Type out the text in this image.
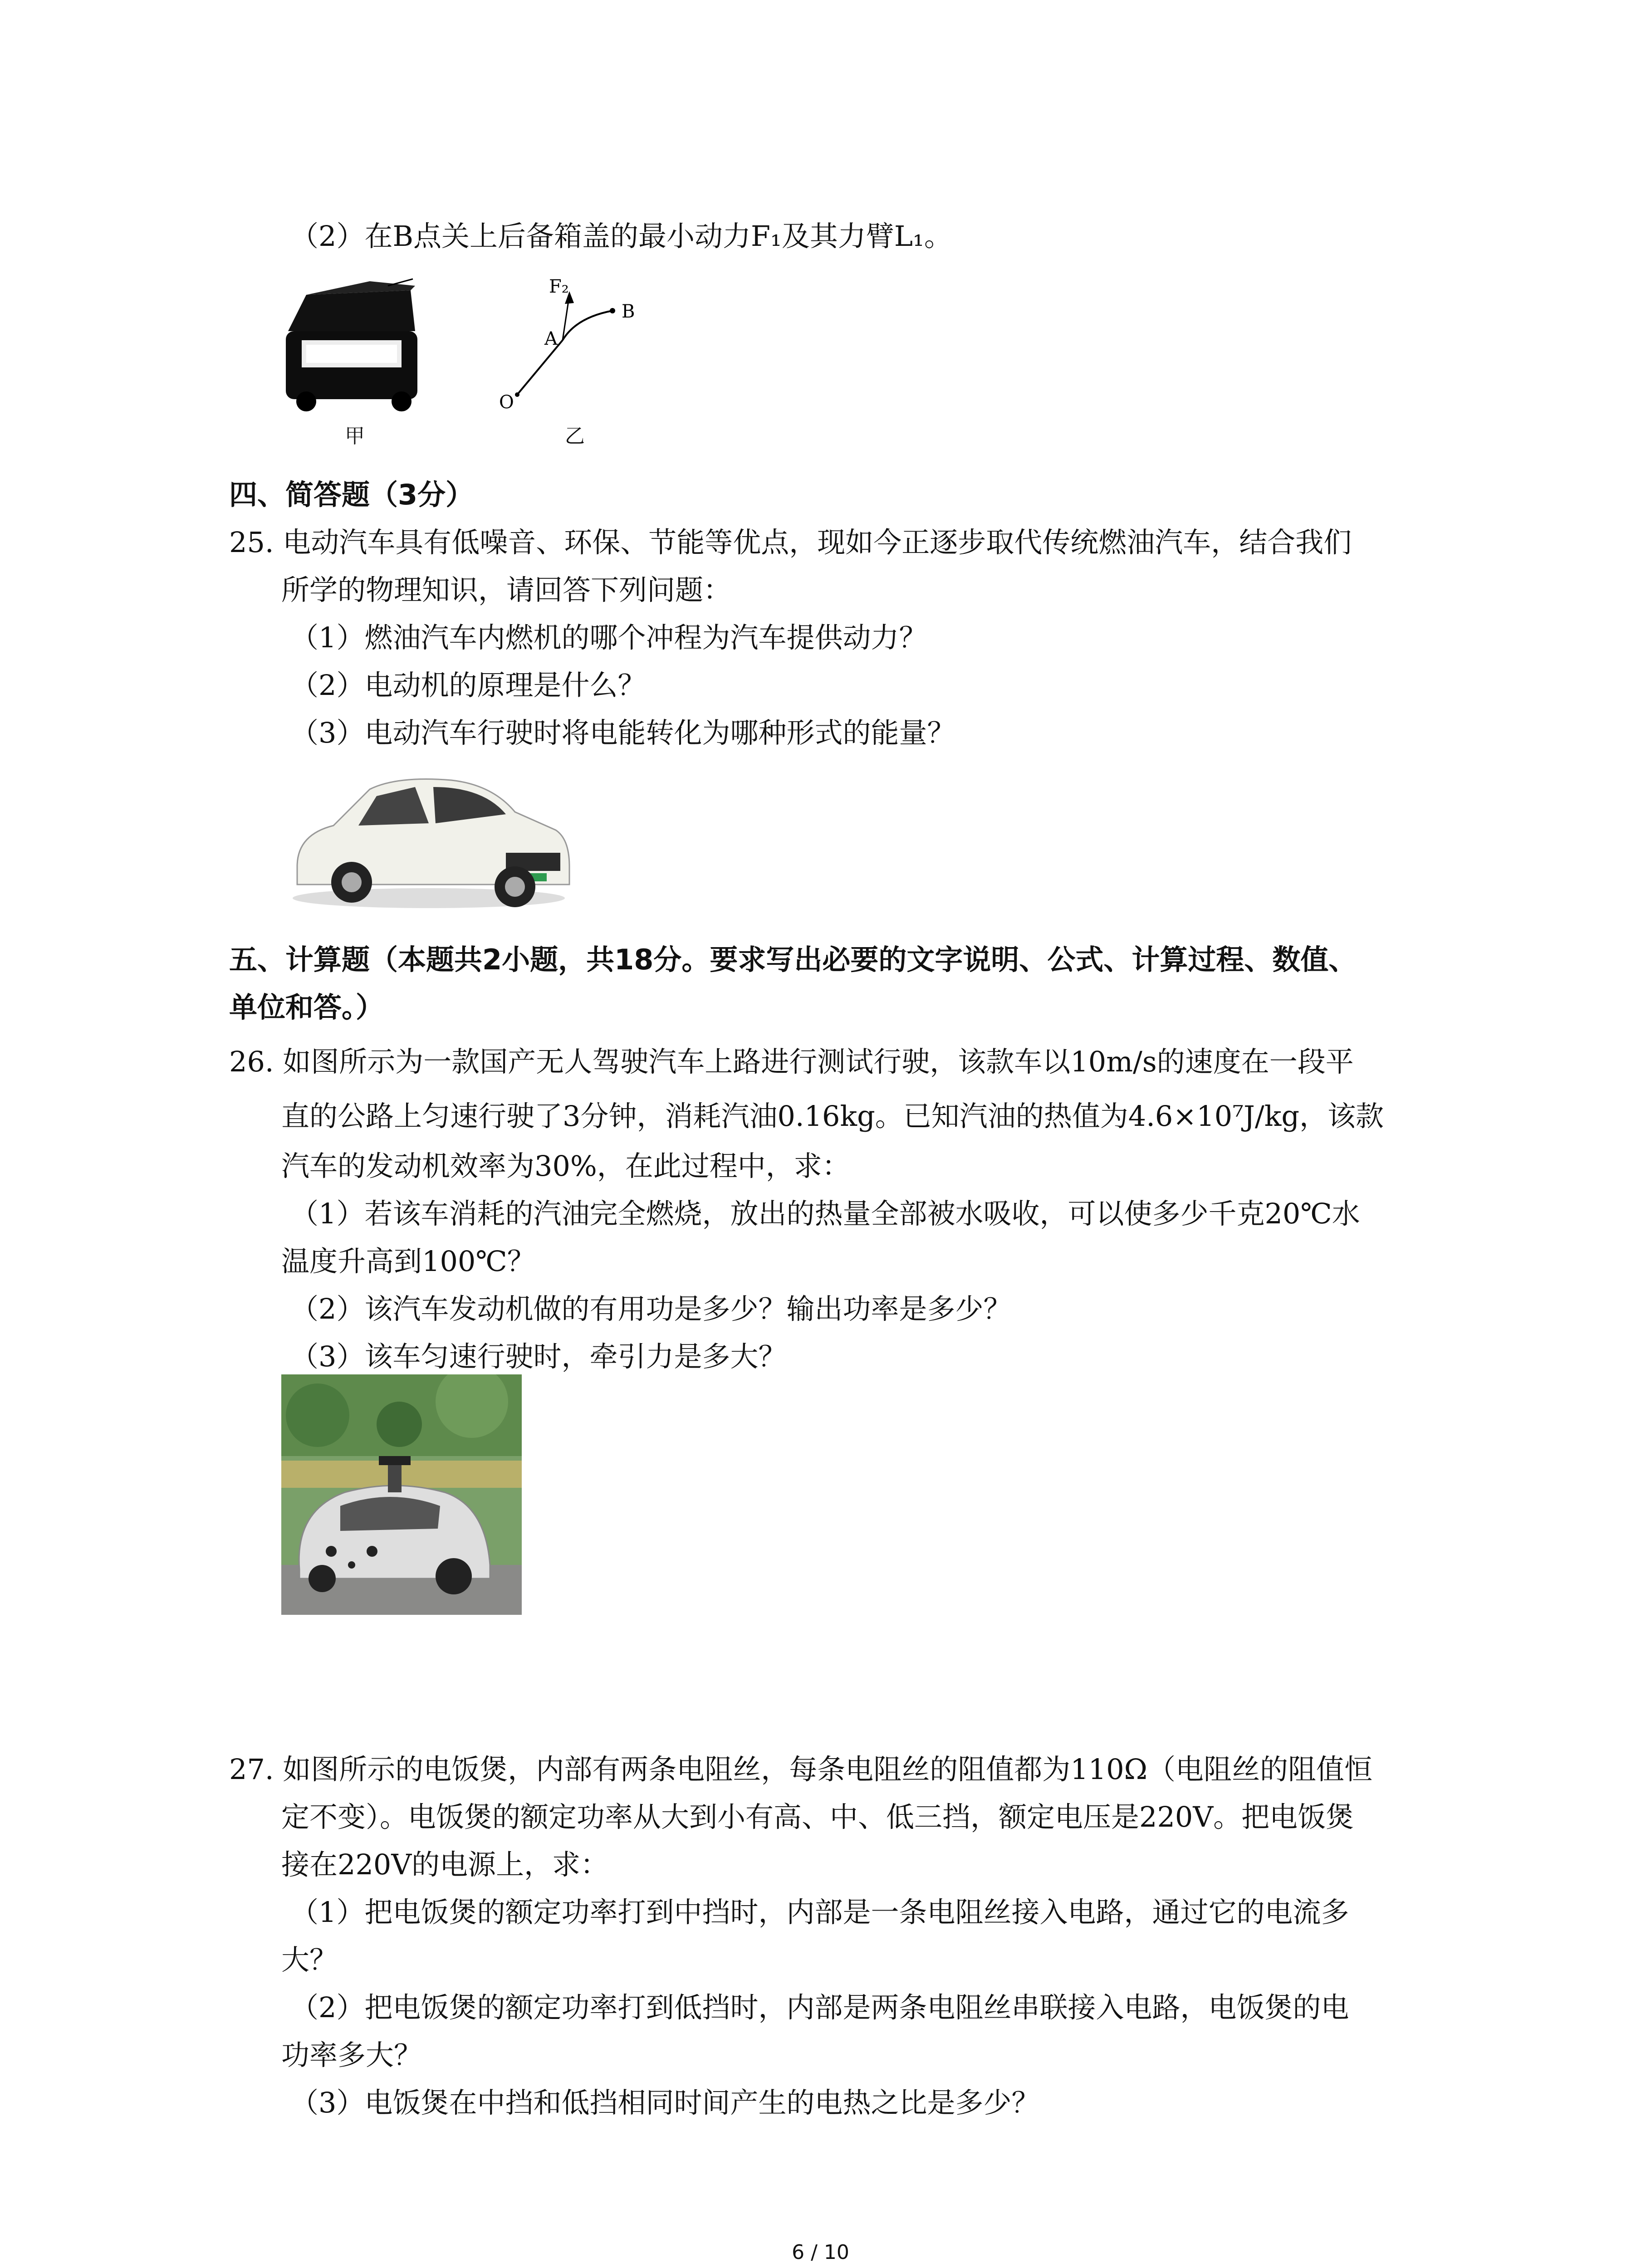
（2）在B点关上后备箱盖的最小动力F₁及其力臂L₁。
甲
F₂
A
B
O
乙
四、简答题（3分）
25. 电动汽车具有低噪音、环保、节能等优点，现如今正逐步取代传统燃油汽车，结合我们
所学的物理知识，请回答下列问题：
（1）燃油汽车内燃机的哪个冲程为汽车提供动力？
（2）电动机的原理是什么？
（3）电动汽车行驶时将电能转化为哪种形式的能量？
五、计算题（本题共2小题，共18分。要求写出必要的文字说明、公式、计算过程、数值、
单位和答。）
26. 如图所示为一款国产无人驾驶汽车上路进行测试行驶，该款车以10m/s的速度在一段平
直的公路上匀速行驶了3分钟，消耗汽油0.16kg。已知汽油的热值为4.6×10⁷J/kg，该款
汽车的发动机效率为30%，在此过程中，求：
（1）若该车消耗的汽油完全燃烧，放出的热量全部被水吸收，可以使多少千克20℃水
温度升高到100℃？
（2）该汽车发动机做的有用功是多少？输出功率是多少？
（3）该车匀速行驶时，牵引力是多大？
27. 如图所示的电饭煲，内部有两条电阻丝，每条电阻丝的阻值都为110Ω（电阻丝的阻值恒
定不变）。电饭煲的额定功率从大到小有高、中、低三挡，额定电压是220V。把电饭煲
接在220V的电源上，求：
（1）把电饭煲的额定功率打到中挡时，内部是一条电阻丝接入电路，通过它的电流多
大？
（2）把电饭煲的额定功率打到低挡时，内部是两条电阻丝串联接入电路，电饭煲的电
功率多大？
（3）电饭煲在中挡和低挡相同时间产生的电热之比是多少？
6 / 10
